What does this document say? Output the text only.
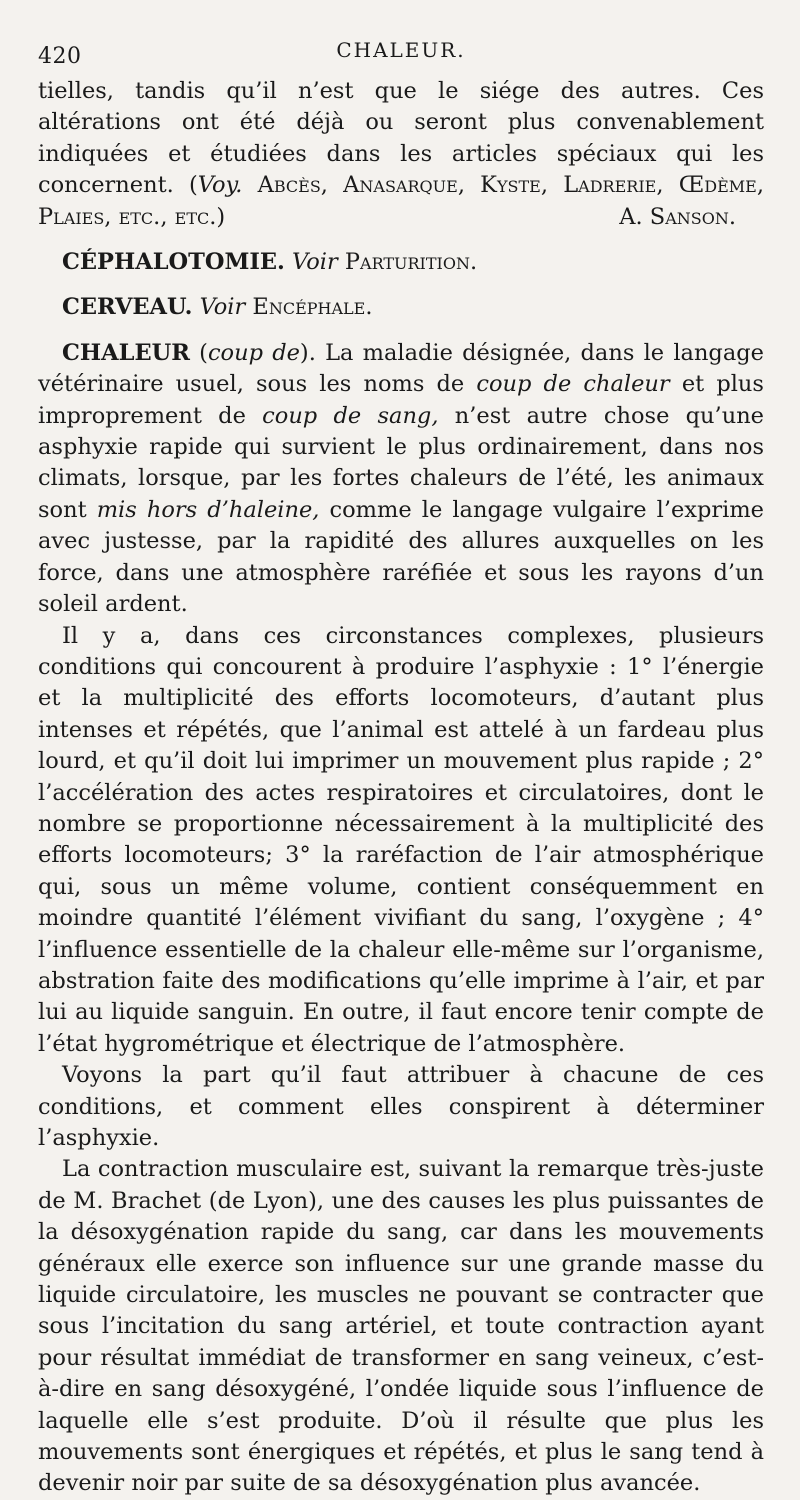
420	CHALEUR.

tielles, tandis qu’il n’est que le siége des autres. Ces altérations ont été déjà ou seront plus convenablement indiquées et étudiées dans les articles spéciaux qui les concernent. (Voy. Abcès, Anasarque, Kyste, Ladrerie, Œdème, Plaies, etc., etc.)	A. Sanson.

CÉPHALOTOMIE. Voir Parturition.

CERVEAU. Voir Encéphale.

CHALEUR (coup de). La maladie désignée, dans le langage vétérinaire usuel, sous les noms de coup de chaleur et plus improprement de coup de sang, n’est autre chose qu’une asphyxie rapide qui survient le plus ordinairement, dans nos climats, lorsque, par les fortes chaleurs de l’été, les animaux sont mis hors d’haleine, comme le langage vulgaire l’exprime avec justesse, par la rapidité des allures auxquelles on les force, dans une atmosphère raréfiée et sous les rayons d’un soleil ardent.

Il y a, dans ces circonstances complexes, plusieurs conditions qui concourent à produire l’asphyxie : 1° l’énergie et la multiplicité des efforts locomoteurs, d’autant plus intenses et répétés, que l’animal est attelé à un fardeau plus lourd, et qu’il doit lui imprimer un mouvement plus rapide ; 2° l’accélération des actes respiratoires et circulatoires, dont le nombre se proportionne nécessairement à la multiplicité des efforts locomoteurs; 3° la raréfaction de l’air atmosphérique qui, sous un même volume, contient conséquemment en moindre quantité l’élément vivifiant du sang, l’oxygène ; 4° l’influence essentielle de la chaleur elle-même sur l’organisme, abstration faite des modifications qu’elle imprime à l’air, et par lui au liquide sanguin. En outre, il faut encore tenir compte de l’état hygrométrique et électrique de l’atmosphère.

Voyons la part qu’il faut attribuer à chacune de ces conditions, et comment elles conspirent à déterminer l’asphyxie.

La contraction musculaire est, suivant la remarque très-juste de M. Brachet (de Lyon), une des causes les plus puissantes de la désoxygénation rapide du sang, car dans les mouvements généraux elle exerce son influence sur une grande masse du liquide circulatoire, les muscles ne pouvant se contracter que sous l’incitation du sang artériel, et toute contraction ayant pour résultat immédiat de transformer en sang veineux, c’est-à-dire en sang désoxygéné, l’ondée liquide sous l’influence de laquelle elle s’est produite. D’où il résulte que plus les mouvements sont énergiques et répétés, et plus le sang tend à devenir noir par suite de sa désoxygénation plus avancée.
